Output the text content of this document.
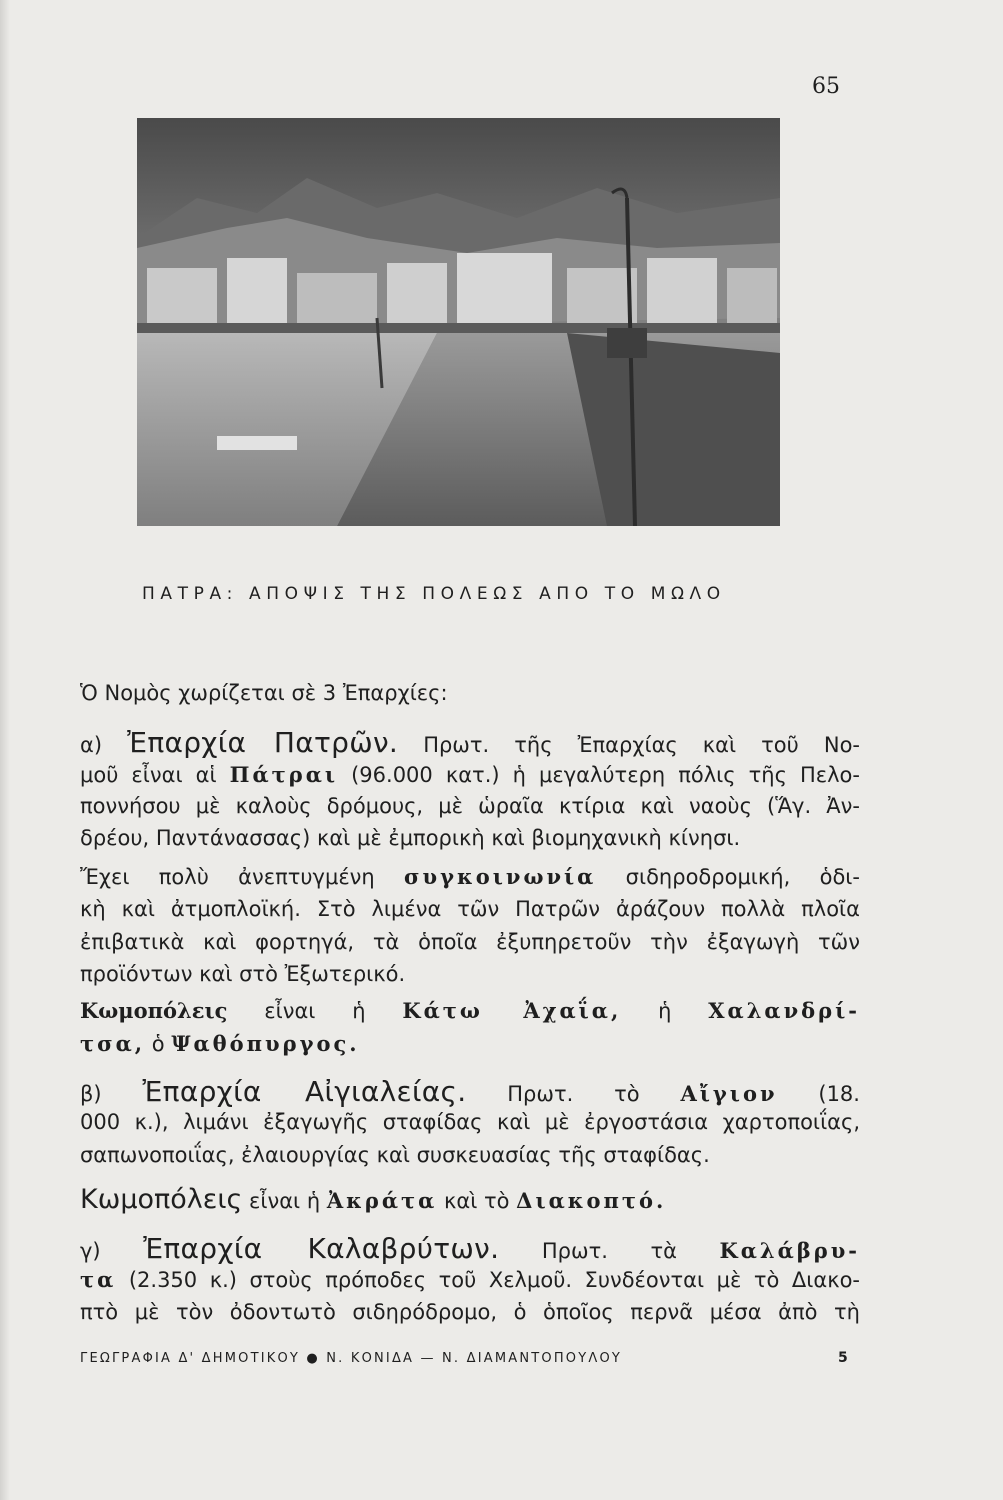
65
ΠΑΤΡΑ: ΑΠΟΨΙΣ ΤΗΣ ΠΟΛΕΩΣ ΑΠΟ ΤΟ ΜΩΛΟ
Ὁ Νομὸς χωρίζεται σὲ 3 Ἐπαρχίες:
α) Ἐπαρχία Πατρῶν. Πρωτ. τῆς Ἐπαρχίας καὶ τοῦ Νο-
μοῦ εἶναι αἱ Πάτραι (96.000 κατ.) ἡ μεγαλύτερη πόλις τῆς Πελο-
ποννήσου μὲ καλοὺς δρόμους, μὲ ὡραῖα κτίρια καὶ ναοὺς (Ἅγ. Ἀν-
δρέου, Παντάνασσας) καὶ μὲ ἐμπορικὴ καὶ βιομηχανικὴ κίνησι.
Ἔχει πολὺ ἀνεπτυγμένη συγκοινωνία σιδηροδρομική, ὁδι-
κὴ καὶ ἀτμοπλοϊκή. Στὸ λιμένα τῶν Πατρῶν ἀράζουν πολλὰ πλοῖα
ἐπιβατικὰ καὶ φορτηγά, τὰ ὁποῖα ἐξυπηρετοῦν τὴν ἐξαγωγὴ τῶν
προϊόντων καὶ στὸ Ἐξωτερικό.
Κωμοπόλεις εἶναι ἡ Κάτω Ἀχαΐα, ἡ Χαλανδρί-
τσα, ὁ Ψαθόπυργος.
β) Ἐπαρχία Αἰγιαλείας. Πρωτ. τὸ Αἴγιον (18.
000 κ.), λιμάνι ἐξαγωγῆς σταφίδας καὶ μὲ ἐργοστάσια χαρτοποιΐας,
σαπωνοποιΐας, ἐλαιουργίας καὶ συσκευασίας τῆς σταφίδας.
Κωμοπόλεις εἶναι ἡ Ἀκράτα καὶ τὸ Διακοπτό.
γ) Ἐπαρχία Καλαβρύτων. Πρωτ. τὰ Καλάβρυ-
τα (2.350 κ.) στοὺς πρόποδες τοῦ Χελμοῦ. Συνδέονται μὲ τὸ Διακο-
πτὸ μὲ τὸν ὀδοντωτὸ σιδηρόδρομο, ὁ ὁποῖος περνᾶ μέσα ἀπὸ τὴ
ΓΕΩΓΡΑΦΙΑ Δ' ΔΗΜΟΤΙΚΟΥ ● Ν. ΚΟΝΙΔΑ — Ν. ΔΙΑΜΑΝΤΟΠΟΥΛΟΥ	5
